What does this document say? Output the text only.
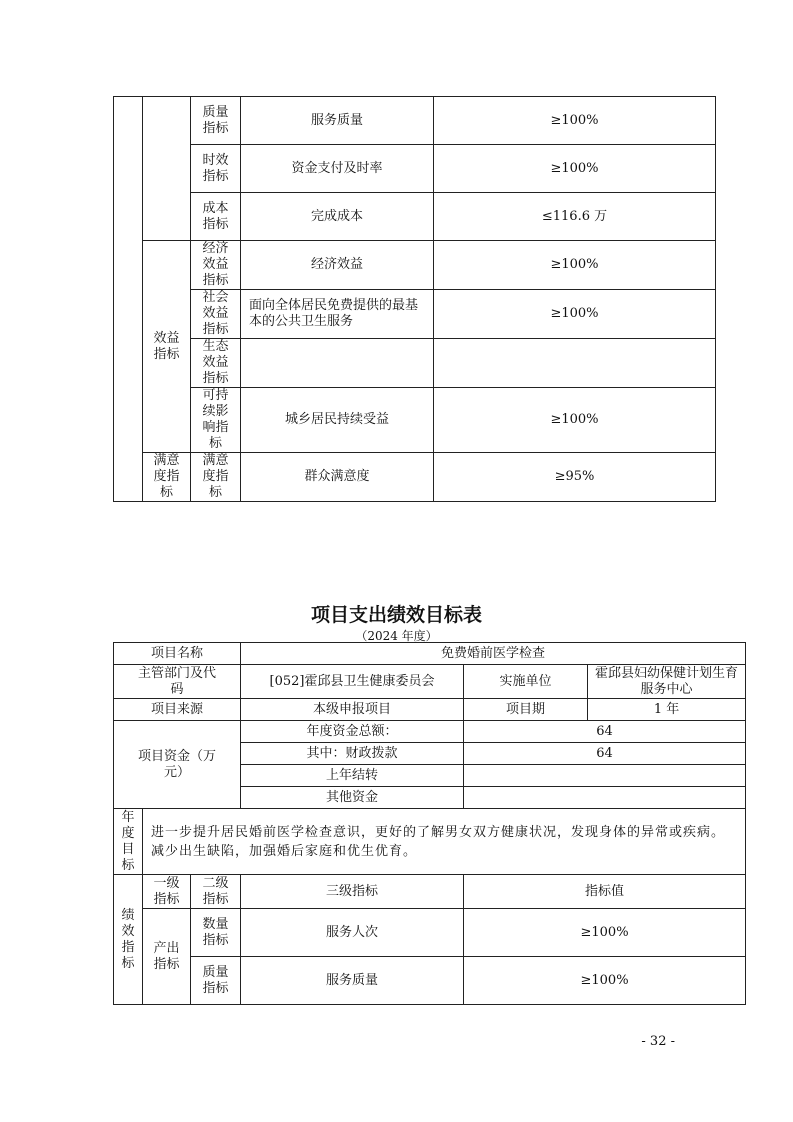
		质量指标	服务质量	≥100%
		时效指标	资金支付及时率	≥100%
		成本指标	完成成本	≤116.6 万
	效益指标	经济效益指标	经济效益	≥100%
		社会效益指标	面向全体居民免费提供的最基本的公共卫生服务	≥100%
		生态效益指标		
		可持续影响指标	城乡居民持续受益	≥100%
	满意度指标	满意度指标	群众满意度	≥95%
项目支出绩效目标表
（2024 年度）
项目名称			免费婚前医学检查		
主管部门及代码			[052]霍邱县卫生健康委员会	实施单位	霍邱县妇幼保健计划生育服务中心
项目来源			本级申报项目	项目期	1 年
项目资金（万元）			年度资金总额：	64	
			其中：财政拨款	64	
			上年结转		
			其他资金		
年度目标	进一步提升居民婚前医学检查意识，更好的了解男女双方健康状况，发现身体的异常或疾病。减少出生缺陷，加强婚后家庭和优生优育。				
绩效指标	一级指标	二级指标	三级指标	指标值	
	产出指标	数量指标	服务人次	≥100%	
		质量指标	服务质量	≥100%	
- 32 -
